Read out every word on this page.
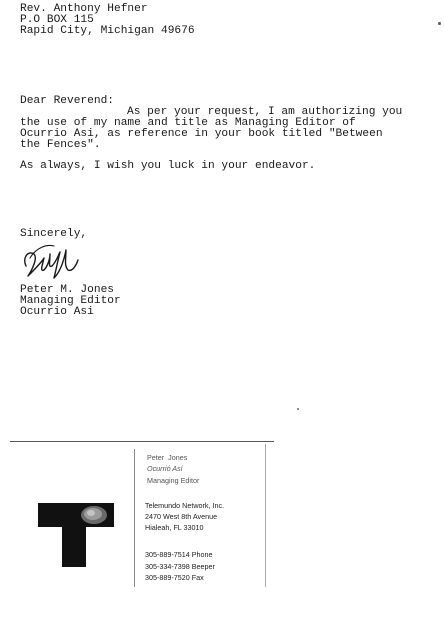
Rev. Anthony Hefner
P.O BOX 115
Rapid City, Michigan 49676
Dear Reverend:
As per your request, I am authorizing you
the use of my name and title as Managing Editor of
Ocurrio Asi, as reference in your book titled "Between
the Fences".
As always, I wish you luck in your endeavor.
Sincerely,
Peter M. Jones
Managing Editor
Ocurrio Asi
Peter  Jones
Ocurrió Así
Managing Editor
Telemundo Network, Inc.
2470 West 8th Avenue
Hialeah, FL 33010
305-889-7514 Phone
305-334-7398 Beeper
305-889-7520 Fax
